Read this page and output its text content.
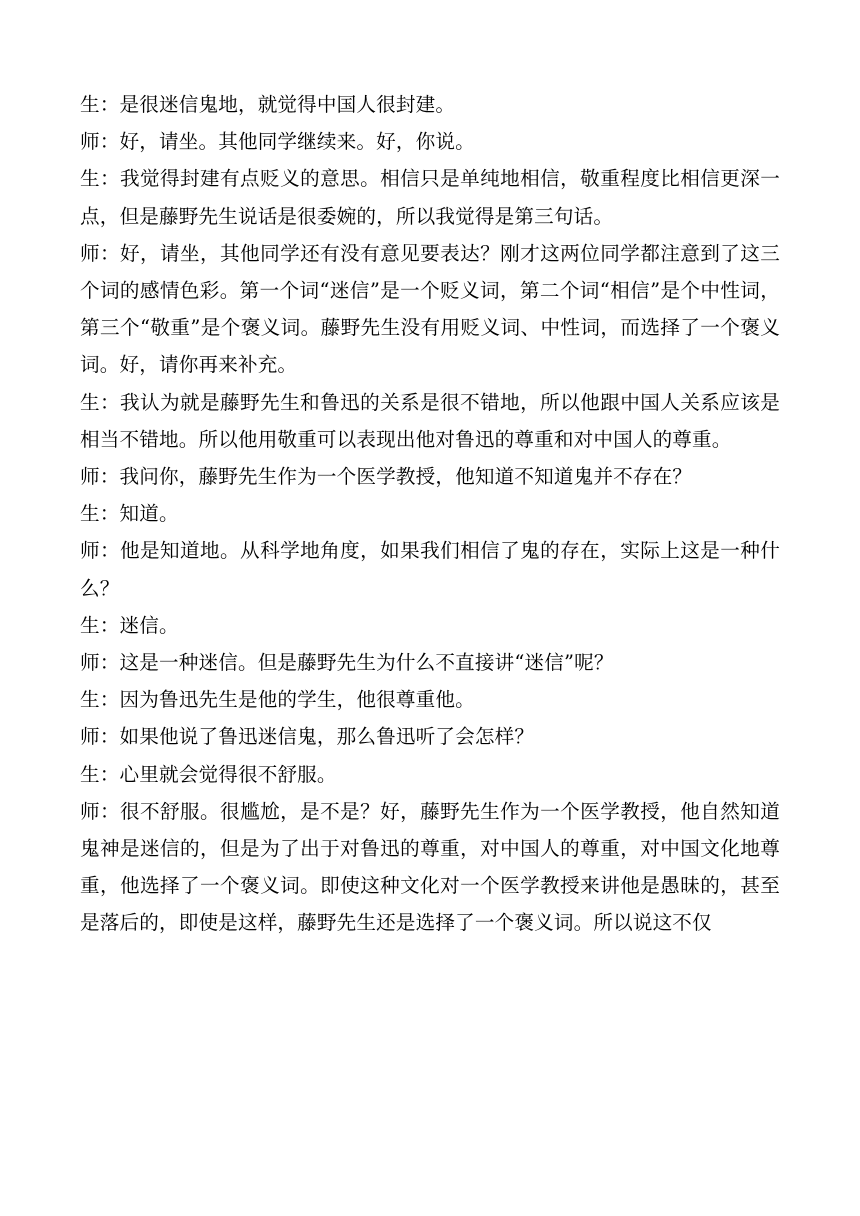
生：是很迷信鬼地，就觉得中国人很封建。

师：好，请坐。其他同学继续来。好，你说。

生：我觉得封建有点贬义的意思。相信只是单纯地相信，敬重程度比相信更深一点，但是藤野先生说话是很委婉的，所以我觉得是第三句话。

师：好，请坐，其他同学还有没有意见要表达？刚才这两位同学都注意到了这三个词的感情色彩。第一个词“迷信”是一个贬义词，第二个词“相信”是个中性词，第三个“敬重”是个褒义词。藤野先生没有用贬义词、中性词，而选择了一个褒义词。好，请你再来补充。

生：我认为就是藤野先生和鲁迅的关系是很不错地，所以他跟中国人关系应该是相当不错地。所以他用敬重可以表现出他对鲁迅的尊重和对中国人的尊重。

师：我问你，藤野先生作为一个医学教授，他知道不知道鬼并不存在？

生：知道。

师：他是知道地。从科学地角度，如果我们相信了鬼的存在，实际上这是一种什么？

生：迷信。

师：这是一种迷信。但是藤野先生为什么不直接讲“迷信”呢？

生：因为鲁迅先生是他的学生，他很尊重他。

师：如果他说了鲁迅迷信鬼，那么鲁迅听了会怎样？

生：心里就会觉得很不舒服。

师：很不舒服。很尴尬，是不是？好，藤野先生作为一个医学教授，他自然知道鬼神是迷信的，但是为了出于对鲁迅的尊重，对中国人的尊重，对中国文化地尊重，他选择了一个褒义词。即使这种文化对一个医学教授来讲他是愚昧的，甚至是落后的，即使是这样，藤野先生还是选择了一个褒义词。所以说这不仅
